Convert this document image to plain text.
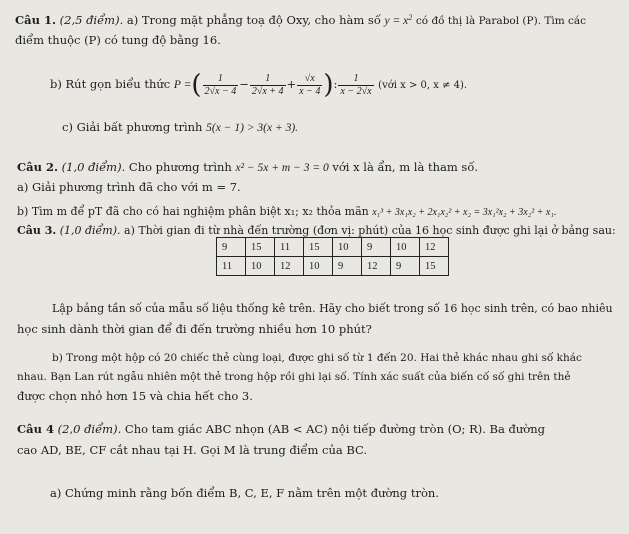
Câu 1. (2,5 điểm). a) Trong mặt phẳng toạ độ Oxy, cho hàm số $y = x^2$ có đồ thị là Parabol (P). Tìm các
điểm thuộc (P) có tung độ bằng 16.
b) Rút gọn biểu thức P =( $\frac{1}{2√x - 4} - \frac{1}{2√x + 4} + \frac{√x}{x - 4}$ ): $\frac{1}{x - 2√x}$ (với x > 0, x ≠ 4).
c) Giải bất phương trình 5(x − 1) > 3(x + 3).
Câu 2. (1,0 điểm). Cho phương trình x² − 5x + m − 3 = 0 với x là ẩn, m là tham số.
a) Giải phương trình đã cho với m = 7.
b) Tìm m để pT đã cho có hai nghiệm phân biệt x₁; x₂ thỏa mãn x₁³ + 3x₁x₂ + 2x₁x₂² + x₂ = 3x₁²x₂ + 3x₂² + x₁.
Câu 3. (1,0 điểm). a) Thời gian đi từ nhà đến trường (đơn vị: phút) của 16 học sinh được ghi lại ở bảng sau:
9	15	11	15	10	9	10	12
11	10	12	10	9	12	9	15
Lập bảng tần số của mẫu số liệu thống kê trên. Hãy cho biết trong số 16 học sinh trên, có bao nhiêu
học sinh dành thời gian để đi đến trường nhiều hơn 10 phút?
b) Trong một hộp có 20 chiếc thẻ cùng loại, được ghi số từ 1 đến 20. Hai thẻ khác nhau ghi số khác
nhau. Bạn Lan rút ngẫu nhiên một thẻ trong hộp rồi ghi lại số. Tính xác suất của biến cố số ghi trên thẻ
được chọn nhỏ hơn 15 và chia hết cho 3.
Câu 4 (2,0 điểm). Cho tam giác ABC nhọn (AB < AC) nội tiếp đường tròn (O; R). Ba đường
cao AD, BE, CF cắt nhau tại H. Gọi M là trung điểm của BC.
a) Chứng minh rằng bốn điểm B, C, E, F nằm trên một đường tròn.
